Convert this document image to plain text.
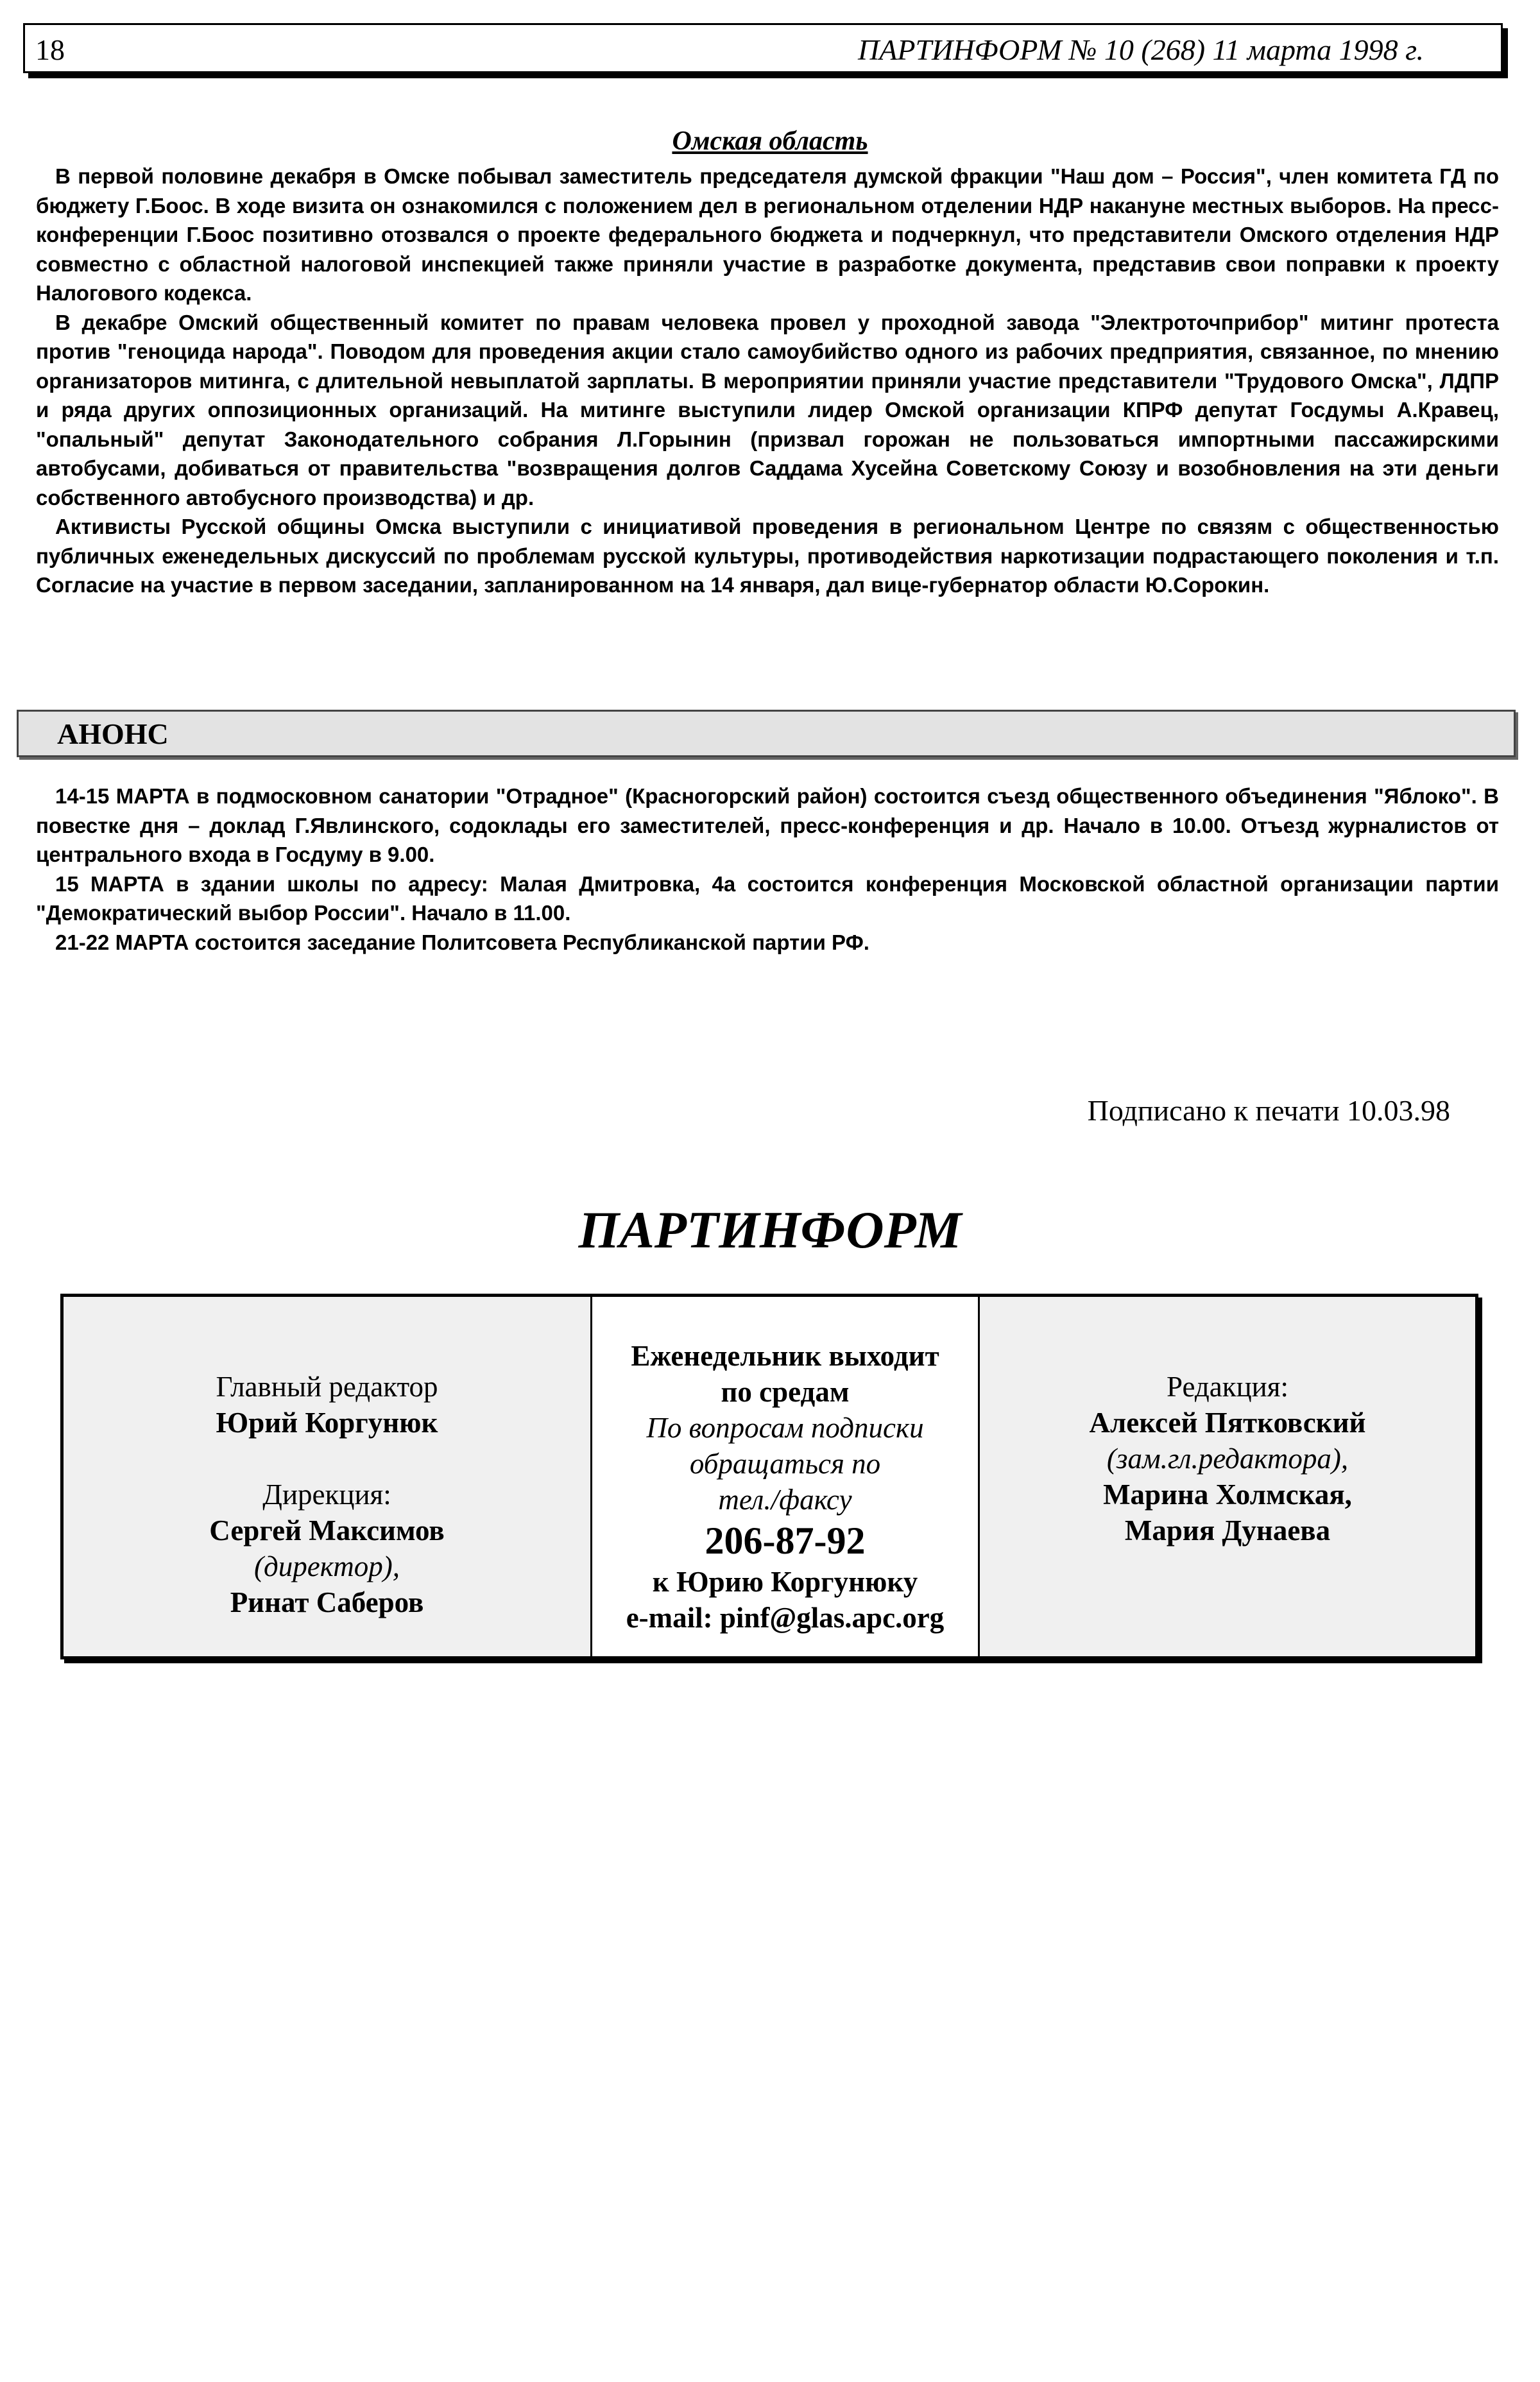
18	ПАРТИНФОРМ № 10 (268) 11 марта 1998 г.
Омская область

В первой половине декабря в Омске побывал заместитель председателя думской фракции "Наш дом – Россия", член комитета ГД по бюджету Г.Боос. В ходе визита он ознакомился с положением дел в региональном отделении НДР накануне местных выборов. На пресс-конференции Г.Боос позитивно отозвался о проекте федерального бюджета и подчеркнул, что представители Омского отделения НДР совместно с областной налоговой инспекцией также приняли участие в разработке документа, представив свои поправки к проекту Налогового кодекса.

В декабре Омский общественный комитет по правам человека провел у проходной завода "Электроточприбор" митинг протеста против "геноцида народа". Поводом для проведения акции стало самоубийство одного из рабочих предприятия, связанное, по мнению организаторов митинга, с длительной невыплатой зарплаты. В мероприятии приняли участие представители "Трудового Омска", ЛДПР и ряда других оппозиционных организаций. На митинге выступили лидер Омской организации КПРФ депутат Госдумы А.Кравец, "опальный" депутат Законодательного собрания Л.Горынин (призвал горожан не пользоваться импортными пассажирскими автобусами, добиваться от правительства "возвращения долгов Саддама Хусейна Советскому Союзу и возобновления на эти деньги собственного автобусного производства) и др.

Активисты Русской общины Омска выступили с инициативой проведения в региональном Центре по связям с общественностью публичных еженедельных дискуссий по проблемам русской культуры, противодействия наркотизации подрастающего поколения и т.п. Согласие на участие в первом заседании, запланированном на 14 января, дал вице-губернатор области Ю.Сорокин.

АНОНС

14-15 МАРТА в подмосковном санатории "Отрадное" (Красногорский район) состоится съезд общественного объединения "Яблоко". В повестке дня – доклад Г.Явлинского, содоклады его заместителей, пресс-конференция и др. Начало в 10.00. Отъезд журналистов от центрального входа в Госдуму в 9.00.

15 МАРТА в здании школы по адресу: Малая Дмитровка, 4а состоится конференция Московской областной организации партии "Демократический выбор России". Начало в 11.00.

21-22 МАРТА состоится заседание Политсовета Республиканской партии РФ.

Подписано к печати 10.03.98
ПАРТИНФОРМ
Главный редактор
Юрий Коргунюк
Дирекция:
Сергей Максимов
(директор),
Ринат Саберов
Еженедельник выходит
по средам
По вопросам подписки
обращаться по
тел./факсу
206-87-92
к Юрию Коргунюку
e-mail: pinf@glas.apc.org
Редакция:
Алексей Пятковский
(зам.гл.редактора),
Марина Холмская,
Мария Дунаева
